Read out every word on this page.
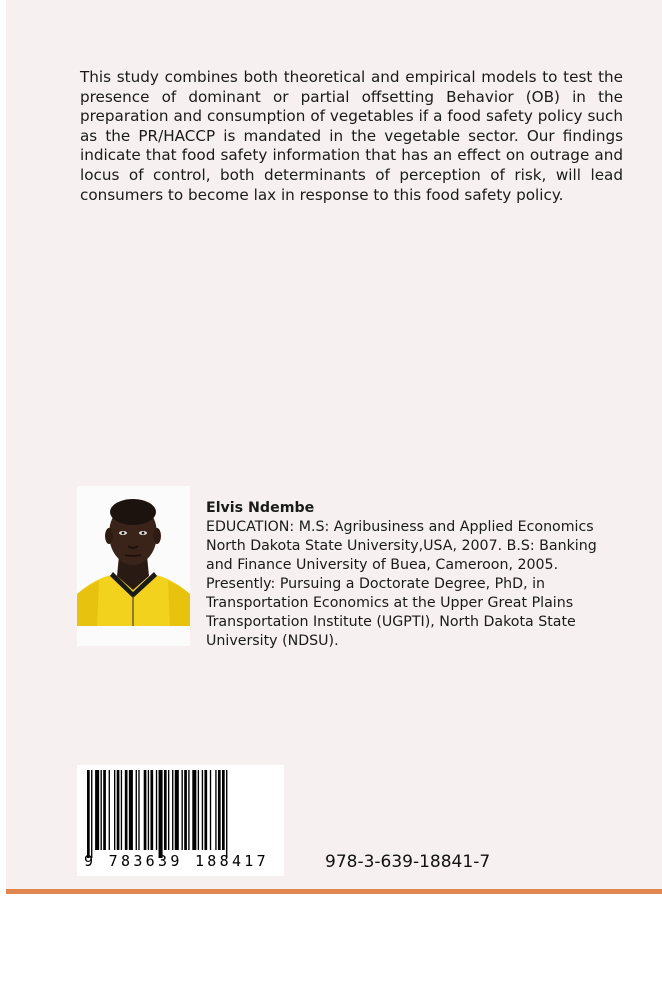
This study combines both theoretical and empirical models to test the presence of dominant or partial offsetting Behavior (OB) in the preparation and consumption of vegetables if a food safety policy such as the PR/HACCP is mandated in the vegetable sector. Our findings indicate that food safety information that has an effect on outrage and locus of control, both determinants of perception of risk, will lead consumers to become lax in response to this food safety policy.

Elvis Ndembe

EDUCATION: M.S: Agribusiness and Applied Economics North Dakota State University,USA, 2007. B.S: Banking and Finance University of Buea, Cameroon, 2005. Presently: Pursuing a Doctorate Degree, PhD, in Transportation Economics at the Upper Great Plains Transportation Institute (UGPTI), North Dakota State University (NDSU).

9 783639 188417	978-3-639-18841-7
